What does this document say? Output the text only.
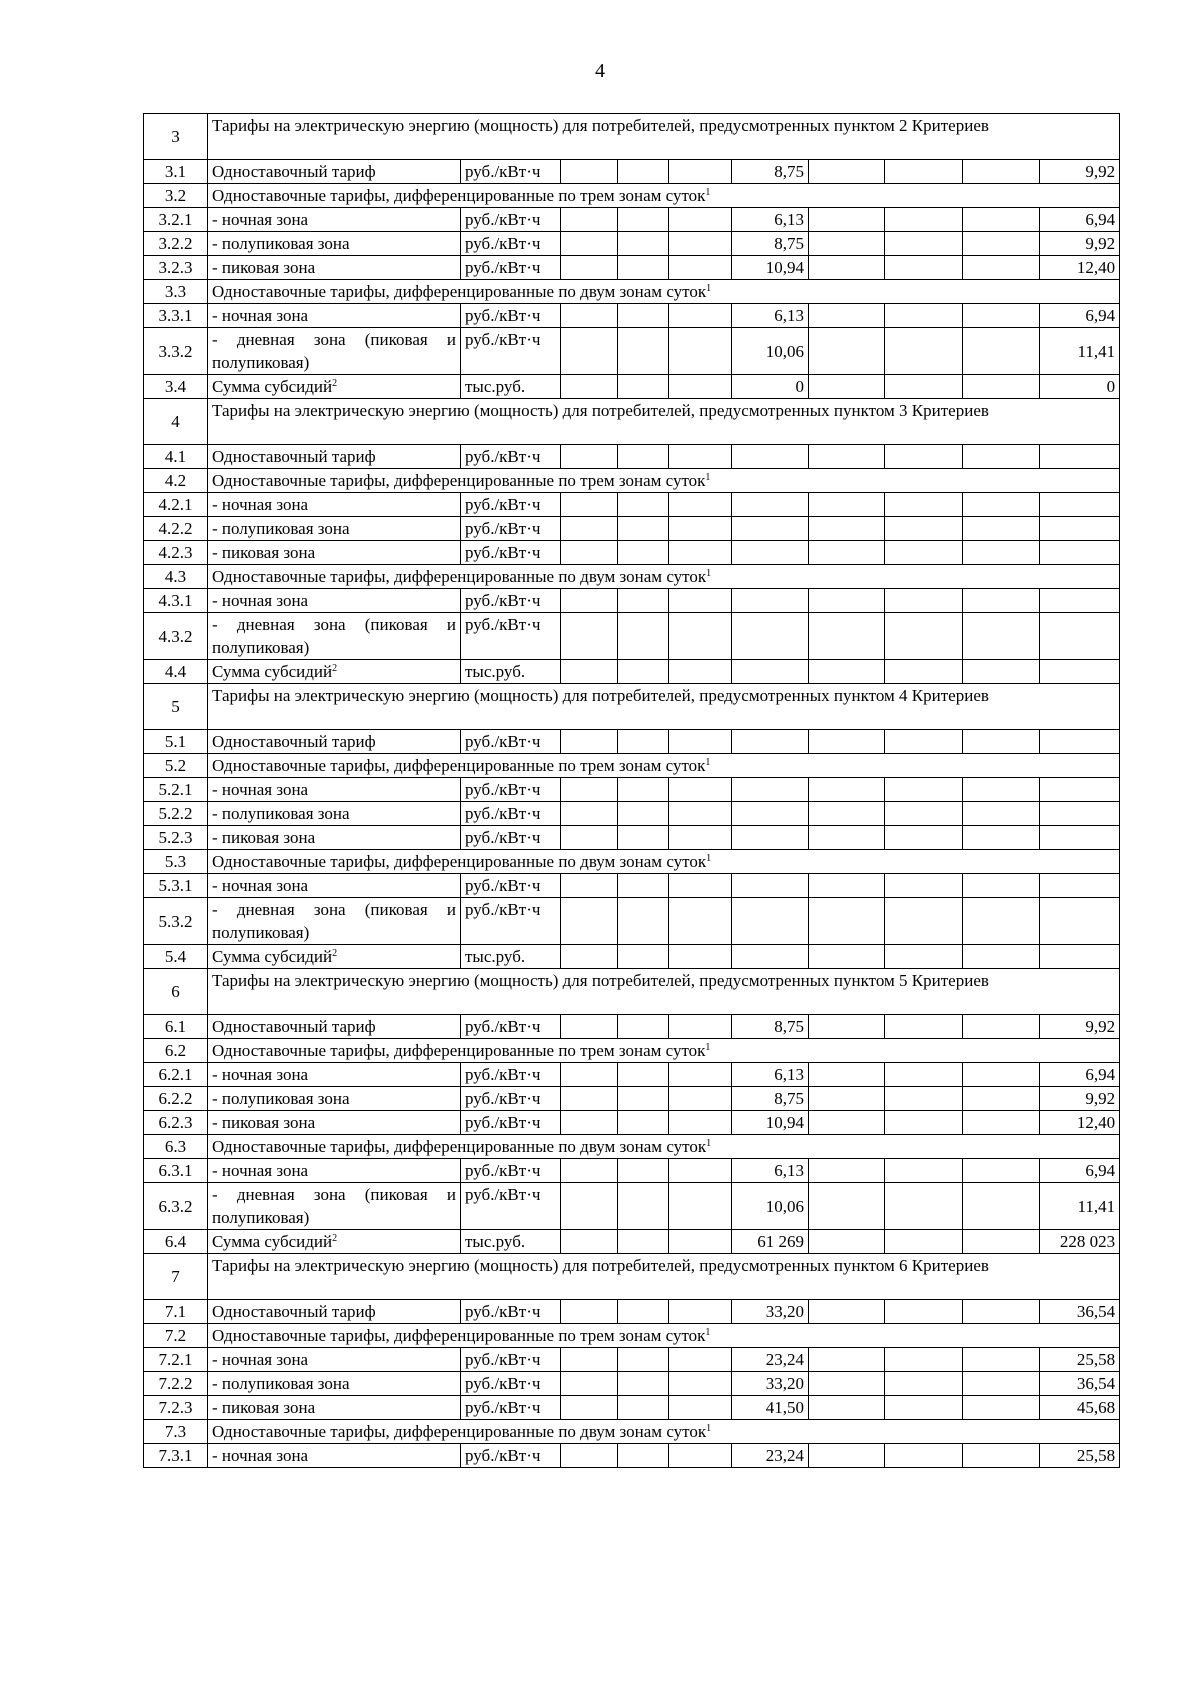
4
3	Тарифы на электрическую энергию (мощность) для потребителей, предусмотренных пунктом 2 Критериев									
3.1	Одноставочный тариф	руб./кВт·ч				8,75				9,92
3.2	Одноставочные тарифы, дифференцированные по трем зонам суток$^1$
3.2.1	- ночная зона	руб./кВт·ч				6,13				6,94
3.2.2	- полупиковая зона	руб./кВт·ч				8,75				9,92
3.2.3	- пиковая зона	руб./кВт·ч				10,94				12,40
3.3	Одноставочные тарифы, дифференцированные по двум зонам суток$^1$
3.3.1	- ночная зона	руб./кВт·ч				6,13				6,94
3.3.2	- дневная зона (пиковая и полупиковая)	руб./кВт·ч				10,06				11,41
3.4	Сумма субсидий$^2$	тыс.руб.				0				0
4	Тарифы на электрическую энергию (мощность) для потребителей, предусмотренных пунктом 3 Критериев									
4.1	Одноставочный тариф	руб./кВт·ч								
4.2	Одноставочные тарифы, дифференцированные по трем зонам суток$^1$
4.2.1	- ночная зона	руб./кВт·ч								
4.2.2	- полупиковая зона	руб./кВт·ч								
4.2.3	- пиковая зона	руб./кВт·ч								
4.3	Одноставочные тарифы, дифференцированные по двум зонам суток$^1$
4.3.1	- ночная зона	руб./кВт·ч								
4.3.2	- дневная зона (пиковая и полупиковая)	руб./кВт·ч								
4.4	Сумма субсидий$^2$	тыс.руб.								
5	Тарифы на электрическую энергию (мощность) для потребителей, предусмотренных пунктом 4 Критериев									
5.1	Одноставочный тариф	руб./кВт·ч								
5.2	Одноставочные тарифы, дифференцированные по трем зонам суток$^1$
5.2.1	- ночная зона	руб./кВт·ч								
5.2.2	- полупиковая зона	руб./кВт·ч								
5.2.3	- пиковая зона	руб./кВт·ч								
5.3	Одноставочные тарифы, дифференцированные по двум зонам суток$^1$
5.3.1	- ночная зона	руб./кВт·ч								
5.3.2	- дневная зона (пиковая и полупиковая)	руб./кВт·ч								
5.4	Сумма субсидий$^2$	тыс.руб.								
6	Тарифы на электрическую энергию (мощность) для потребителей, предусмотренных пунктом 5 Критериев									
6.1	Одноставочный тариф	руб./кВт·ч				8,75				9,92
6.2	Одноставочные тарифы, дифференцированные по трем зонам суток$^1$
6.2.1	- ночная зона	руб./кВт·ч				6,13				6,94
6.2.2	- полупиковая зона	руб./кВт·ч				8,75				9,92
6.2.3	- пиковая зона	руб./кВт·ч				10,94				12,40
6.3	Одноставочные тарифы, дифференцированные по двум зонам суток$^1$
6.3.1	- ночная зона	руб./кВт·ч				6,13				6,94
6.3.2	- дневная зона (пиковая и полупиковая)	руб./кВт·ч				10,06				11,41
6.4	Сумма субсидий$^2$	тыс.руб.				61 269				228 023
7	Тарифы на электрическую энергию (мощность) для потребителей, предусмотренных пунктом 6 Критериев									
7.1	Одноставочный тариф	руб./кВт·ч				33,20				36,54
7.2	Одноставочные тарифы, дифференцированные по трем зонам суток$^1$
7.2.1	- ночная зона	руб./кВт·ч				23,24				25,58
7.2.2	- полупиковая зона	руб./кВт·ч				33,20				36,54
7.2.3	- пиковая зона	руб./кВт·ч				41,50				45,68
7.3	Одноставочные тарифы, дифференцированные по двум зонам суток$^1$
7.3.1	- ночная зона	руб./кВт·ч				23,24				25,58
